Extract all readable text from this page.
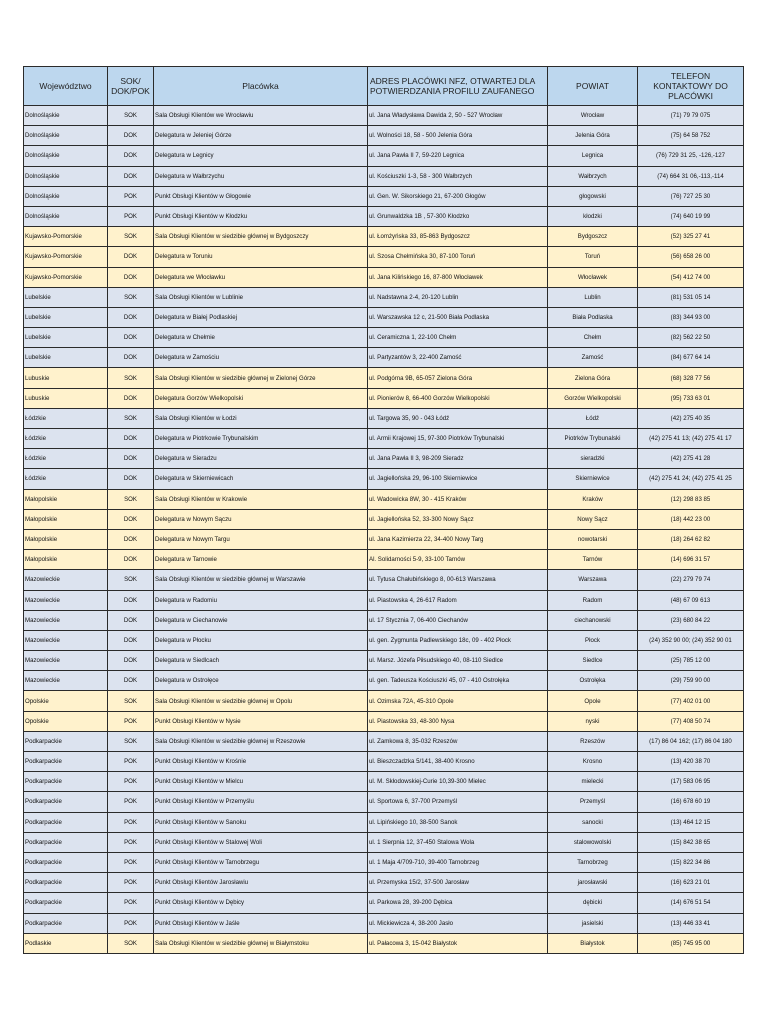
Województwo	SOK/ DOK/POK	Placówka	ADRES PLACÓWKI NFZ, OTWARTEJ DLA POTWIERDZANIA PROFILU ZAUFANEGO	POWIAT	TELEFON KONTAKTOWY DO PLACÓWKI
Dolnośląskie	SOK	Sala Obsługi Klientów we Wrocławiu	ul. Jana Władysława Dawida 2, 50 - 527 Wrocław	Wrocław	(71) 79 79 075
Dolnośląskie	DOK	Delegatura w Jeleniej Górze	ul. Wolności 18, 58 - 500 Jelenia Góra	Jelenia Góra	(75) 64 58 752
Dolnośląskie	DOK	Delegatura w Legnicy	ul. Jana Pawła II 7, 59-220 Legnica	Legnica	(76) 729 31 25, -126,-127
Dolnośląskie	DOK	Delegatura w Wałbrzychu	ul. Kościuszki 1-3, 58 - 300 Wałbrzych	Wałbrzych	(74) 664 31 06,-113,-114
Dolnośląskie	POK	Punkt Obsługi Klientów w Głogowie	ul. Gen. W. Sikorskiego 21, 67-200 Głogów	głogowski	(76) 727 25 30
Dolnośląskie	POK	Punkt Obsługi Klientów w Kłodzku	ul. Grunwaldzka 1B , 57-300 Kłodzko	kłodzki	(74) 640 19 99
Kujawsko-Pomorskie	SOK	Sala Obsługi Klientów w siedzibie głównej w Bydgoszczy	ul. Łomżyńska 33, 85-863 Bydgoszcz	Bydgoszcz	(52) 325 27 41
Kujawsko-Pomorskie	DOK	Delegatura w Toruniu	ul. Szosa Chełmińska 30, 87-100 Toruń	Toruń	(56) 658 26 00
Kujawsko-Pomorskie	DOK	Delegatura we Włocławku	ul. Jana Kilińskiego 16, 87-800 Włocławek	Włocławek	(54) 412 74 00
Lubelskie	SOK	Sala Obsługi Klientów w Lublinie	ul. Nadstawna 2-4, 20-120 Lublin	Lublin	(81) 531 05 14
Lubelskie	DOK	Delegatura w Białej Podlaskiej	ul. Warszawska 12 c, 21-500 Biała Podlaska	Biała Podlaska	(83) 344 93 00
Lubelskie	DOK	Delegatura w Chełmie	ul. Ceramiczna 1, 22-100 Chełm	Chełm	(82) 562 22 50
Lubelskie	DOK	Delegatura w Zamościu	ul. Partyzantów 3, 22-400 Zamość	Zamość	(84) 677 64 14
Lubuskie	SOK	Sala Obsługi Klientów w siedzibie głównej w Zielonej Górze	ul. Podgórna 9B, 65-057 Zielona Góra	Zielona Góra	(68) 328 77 56
Lubuskie	DOK	Delegatura Gorzów Wielkopolski	ul. Pionierów 8, 66-400 Gorzów Wielkopolski	Gorzów Wielkopolski	(95) 733 63 01
Łódzkie	SOK	Sala Obsługi Klientów w Łodzi	ul. Targowa 35, 90 - 043 Łódź	Łódź	(42) 275 40 35
Łódzkie	DOK	Delegatura w Piotrkowie Trybunalskim	ul. Armii Krajowej 15, 97-300 Piotrków Trybunalski	Piotrków Trybunalski	(42) 275 41 13; (42) 275 41 17
Łódzkie	DOK	Delegatura w Sieradzu	ul. Jana Pawła II 3, 98-209 Sieradz	sieradzki	(42) 275 41 28
Łódzkie	DOK	Delegatura w Skierniewicach	ul. Jagiellońska 29, 96-100 Skierniewice	Skierniewice	(42) 275 41 24; (42) 275 41 25
Małopolskie	SOK	Sala Obsługi Klientów w Krakowie	ul. Wadowicka 8W, 30 - 415 Kraków	Kraków	(12) 298 83 85
Małopolskie	DOK	Delegatura w Nowym Sączu	ul. Jagiellońska 52, 33-300 Nowy Sącz	Nowy Sącz	(18) 442 23 00
Małopolskie	DOK	Delegatura w Nowym Targu	ul. Jana Kazimierza 22, 34-400 Nowy Targ	nowotarski	(18) 264 62 82
Małopolskie	DOK	Delegatura w Tarnowie	Al. Solidarności 5-9, 33-100 Tarnów	Tarnów	(14) 696 31 57
Mazowieckie	SOK	Sala Obsługi Klientów w siedzibie głównej w Warszawie	ul. Tytusa Chałubińskiego 8, 00-613 Warszawa	Warszawa	(22) 279 79 74
Mazowieckie	DOK	Delegatura w Radomiu	ul. Piastowska 4, 26-617 Radom	Radom	(48) 67 09 613
Mazowieckie	DOK	Delegatura w Ciechanowie	ul. 17 Stycznia 7, 06-400 Ciechanów	ciechanowski	(23) 680 84 22
Mazowieckie	DOK	Delegatura w Płocku	ul. gen. Zygmunta Padlewskiego 18c, 09 - 402 Płock	Płock	(24) 352 90 00; (24) 352 90 01
Mazowieckie	DOK	Delegatura w Siedlcach	ul. Marsz. Józefa Piłsudskiego 40, 08-110 Siedlce	Siedlce	(25) 785 12 00
Mazowieckie	DOK	Delegatura w Ostrołęce	ul. gen. Tadeusza Kościuszki 45, 07 - 410 Ostrołęka	Ostrołęka	(29) 759 90 00
Opolskie	SOK	Sala Obsługi Klientów w siedzibie głównej w Opolu	ul. Ozimska 72A, 45-310 Opole	Opole	(77) 402 01 00
Opolskie	POK	Punkt Obsługi Klientów w Nysie	ul. Piastowska 33, 48-300 Nysa	nyski	(77) 408 50 74
Podkarpackie	SOK	Sala Obsługi Klientów w siedzibie głównej w Rzeszowie	ul. Zamkowa 8, 35-032 Rzeszów	Rzeszów	(17) 86 04 162; (17) 86 04 180
Podkarpackie	POK	Punkt Obsługi Klientów w Krośnie	ul. Bieszczadzka 5/141, 38-400 Krosno	Krosno	(13) 420 38 70
Podkarpackie	POK	Punkt Obsługi Klientów w Mielcu	ul. M. Skłodowskiej-Curie 10,39-300 Mielec	mielecki	(17) 583 06 95
Podkarpackie	POK	Punkt Obsługi Klientów w Przemyślu	ul. Sportowa 6, 37-700 Przemyśl	Przemyśl	(16) 678 60 19
Podkarpackie	POK	Punkt Obsługi Klientów w Sanoku	ul. Lipińskiego 10, 38-500 Sanok	sanocki	(13) 464 12 15
Podkarpackie	POK	Punkt Obsługi Klientów w Stalowej Woli	ul. 1 Sierpnia 12, 37-450 Stalowa Wola	stalowowolski	(15) 842 38 65
Podkarpackie	POK	Punkt Obsługi Klientów w Tarnobrzegu	ul. 1 Maja 4/709-710, 39-400 Tarnobrzeg	Tarnobrzeg	(15) 822 34 86
Podkarpackie	POK	Punkt Obsługi Klientów Jarosławiu	ul. Przemyska 15/2, 37-500 Jarosław	jarosławski	(16) 623 21 01
Podkarpackie	POK	Punkt Obsługi Klientów w Dębicy	ul. Parkowa 28, 39-200 Dębica	dębicki	(14) 676 51 54
Podkarpackie	POK	Punkt Obsługi Klientów w Jaśle	ul. Mickiewicza 4, 38-200 Jasło	jasielski	(13) 446 33 41
Podlaskie	SOK	Sala Obsługi Klientów w siedzibie głównej w Białymstoku	ul. Pałacowa 3, 15-042 Białystok	Białystok	(85) 745 95 00
